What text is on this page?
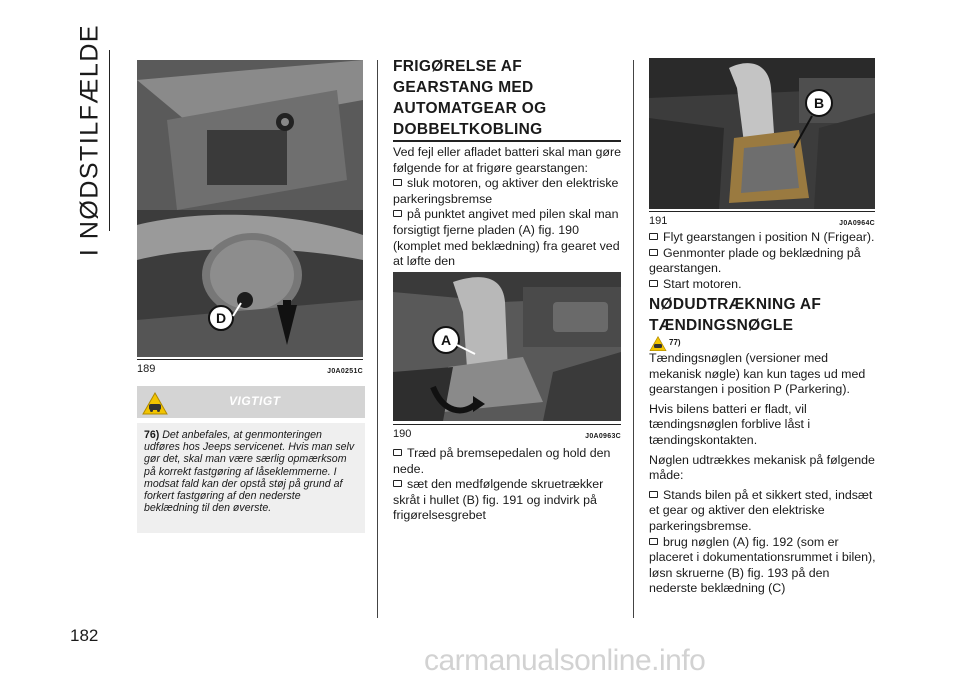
I NØDSTILFÆLDE
182
carmanualsonline.info
D
189	J0A0251C
VIGTIGT
76) Det anbefales, at genmonteringen udføres hos Jeeps servicenet. Hvis man selv gør det, skal man være særlig opmærksom på korrekt fastgøring af låseklemmerne. I modsat fald kan der opstå støj på grund af forkert fastgøring af den nederste beklædning til den øverste.
FRIGØRELSE AF
GEARSTANG MED
AUTOMATGEAR OG
DOBBELTKOBLING
Ved fejl eller afladet batteri skal man gøre følgende for at frigøre gearstangen:
sluk motoren, og aktiver den elektriske parkeringsbremse
på punktet angivet med pilen skal man forsigtigt fjerne pladen (A) fig. 190 (komplet med beklædning) fra gearet ved at løfte den
A
190	J0A0963C
Træd på bremsepedalen og hold den nede.
sæt den medfølgende skruetrækker skråt i hullet (B) fig. 191 og indvirk på frigørelsesgrebet
B
191	J0A0964C
Flyt gearstangen i position N (Frigear).
Genmonter plade og beklædning på gearstangen.
Start motoren.
NØDUDTRÆKNING AF
TÆNDINGSNØGLE
77)

Tændingsnøglen (versioner med mekanisk nøgle) kan kun tages ud med gearstangen i position P (Parkering).

Hvis bilens batteri er fladt, vil tændingsnøglen forblive låst i tændingskontakten.

Nøglen udtrækkes mekanisk på følgende måde:

Stands bilen på et sikkert sted, indsæt et gear og aktiver den elektriske parkeringsbremse.
brug nøglen (A) fig. 192 (som er placeret i dokumentationsrummet i bilen), løsn skruerne (B) fig. 193 på den nederste beklædning (C)
